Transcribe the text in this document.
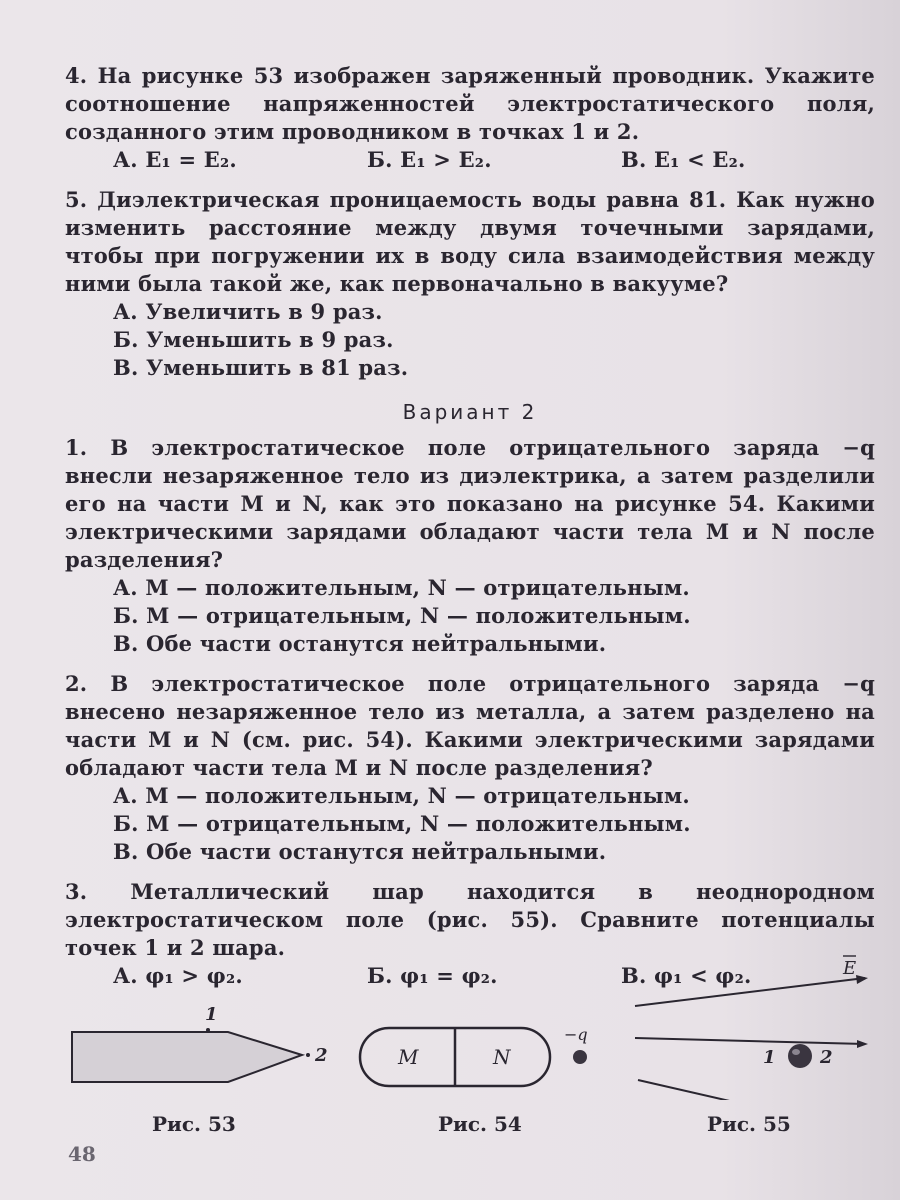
4. На рисунке 53 изображен заряженный проводник. Укажите соотношение напряженностей электростатического поля, созданного этим проводником в точках 1 и 2.

А. E₁ = E₂.	Б. E₁ > E₂.	В. E₁ < E₂.

5. Диэлектрическая проницаемость воды равна 81. Как нужно изменить расстояние между двумя точечными зарядами, чтобы при погружении их в воду сила взаимодействия между ними была такой же, как первоначально в вакууме?

А. Увеличить в 9 раз.

Б. Уменьшить в 9 раз.

В. Уменьшить в 81 раз.

Вариант 2

1. В электростатическое поле отрицательного заряда −q внесли незаряженное тело из диэлектрика, а затем разделили его на части M и N, как это показано на рисунке 54. Какими электрическими зарядами обладают части тела M и N после разделения?

А. M — положительным, N — отрицательным.

Б. M — отрицательным, N — положительным.

В. Обе части останутся нейтральными.

2. В электростатическое поле отрицательного заряда −q внесено незаряженное тело из металла, а затем разделено на части M и N (см. рис. 54). Какими электрическими зарядами обладают части тела M и N после разделения?

А. M — положительным, N — отрицательным.

Б. M — отрицательным, N — положительным.

В. Обе части останутся нейтральными.

3. Металлический шар находится в неоднородном электростатическом поле (рис. 55). Сравните потенциалы точек 1 и 2 шара.

А. φ₁ > φ₂.	Б. φ₁ = φ₂.	В. φ₁ < φ₂.
1
2	M	N
−q
E
1 2
Рис. 53	Рис. 54	Рис. 55
48
